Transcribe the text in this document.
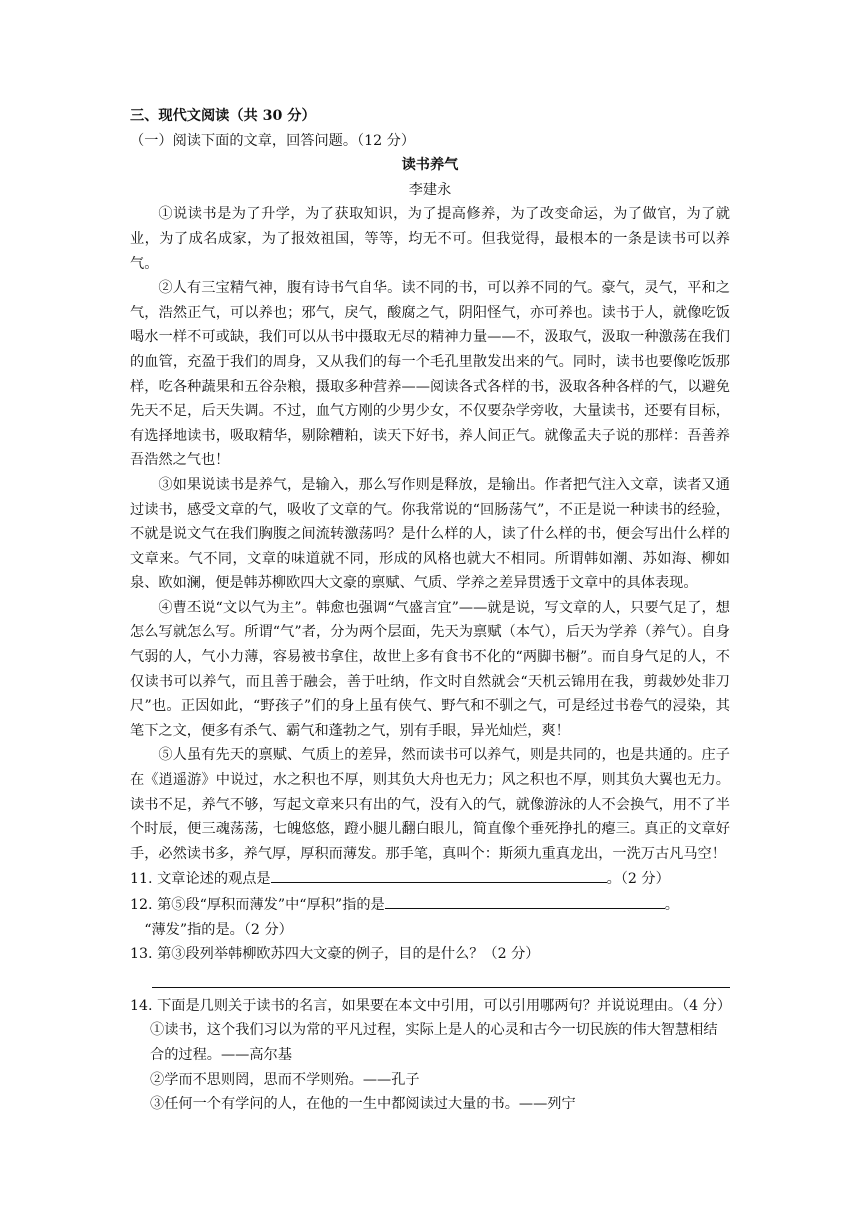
三、现代文阅读（共 30 分）

（一）阅读下面的文章，回答问题。（12 分）

读书养气

李建永

①说读书是为了升学，为了获取知识，为了提高修养，为了改变命运，为了做官，为了就业，为了成名成家，为了报效祖国，等等，均无不可。但我觉得，最根本的一条是读书可以养气。

②人有三宝精气神，腹有诗书气自华。读不同的书，可以养不同的气。豪气，灵气，平和之气，浩然正气，可以养也；邪气，戾气，酸腐之气，阴阳怪气，亦可养也。读书于人，就像吃饭喝水一样不可或缺，我们可以从书中摄取无尽的精神力量——不，汲取气，汲取一种激荡在我们的血管，充盈于我们的周身，又从我们的每一个毛孔里散发出来的气。同时，读书也要像吃饭那样，吃各种蔬果和五谷杂粮，摄取多种营养——阅读各式各样的书，汲取各种各样的气，以避免先天不足，后天失调。不过，血气方刚的少男少女，不仅要杂学旁收，大量读书，还要有目标，有选择地读书，吸取精华，剔除糟粕，读天下好书，养人间正气。就像孟夫子说的那样：吾善养吾浩然之气也！

③如果说读书是养气，是输入，那么写作则是释放，是输出。作者把气注入文章，读者又通过读书，感受文章的气，吸收了文章的气。你我常说的“回肠荡气”，不正是说一种读书的经验，不就是说文气在我们胸腹之间流转激荡吗？是什么样的人，读了什么样的书，便会写出什么样的文章来。气不同，文章的味道就不同，形成的风格也就大不相同。所谓韩如潮、苏如海、柳如泉、欧如澜，便是韩苏柳欧四大文豪的禀赋、气质、学养之差异贯透于文章中的具体表现。

④曹丕说“文以气为主”。韩愈也强调“气盛言宜”——就是说，写文章的人，只要气足了，想怎么写就怎么写。所谓“气”者，分为两个层面，先天为禀赋（本气），后天为学养（养气）。自身气弱的人，气小力薄，容易被书拿住，故世上多有食书不化的“两脚书橱”。而自身气足的人，不仅读书可以养气，而且善于融会，善于吐纳，作文时自然就会“天机云锦用在我，剪裁妙处非刀尺”也。正因如此，“野孩子”们的身上虽有侠气、野气和不驯之气，可是经过书卷气的浸染，其笔下之文，便多有杀气、霸气和蓬勃之气，别有手眼，异光灿烂，爽！

⑤人虽有先天的禀赋、气质上的差异，然而读书可以养气，则是共同的，也是共通的。庄子在《逍遥游》中说过，水之积也不厚，则其负大舟也无力；风之积也不厚，则其负大翼也无力。读书不足，养气不够，写起文章来只有出的气，没有入的气，就像游泳的人不会换气，用不了半个时辰，便三魂荡荡，七魄悠悠，蹬小腿儿翻白眼儿，简直像个垂死挣扎的瘪三。真正的文章好手，必然读书多，养气厚，厚积而薄发。那手笔，真叫个：斯须九重真龙出，一洗万古凡马空！

11. 文章论述的观点是	。（2 分）

12. 第⑤段“厚积而薄发”中“厚积”指的是	。

“薄发”指的是。（2 分）

13. 第③段列举韩柳欧苏四大文豪的例子，目的是什么？（2 分）

14. 下面是几则关于读书的名言，如果要在本文中引用，可以引用哪两句？并说说理由。（4 分）

①读书，这个我们习以为常的平凡过程，实际上是人的心灵和古今一切民族的伟大智慧相结合的过程。——高尔基

②学而不思则罔，思而不学则殆。——孔子

③任何一个有学问的人，在他的一生中都阅读过大量的书。——列宁
